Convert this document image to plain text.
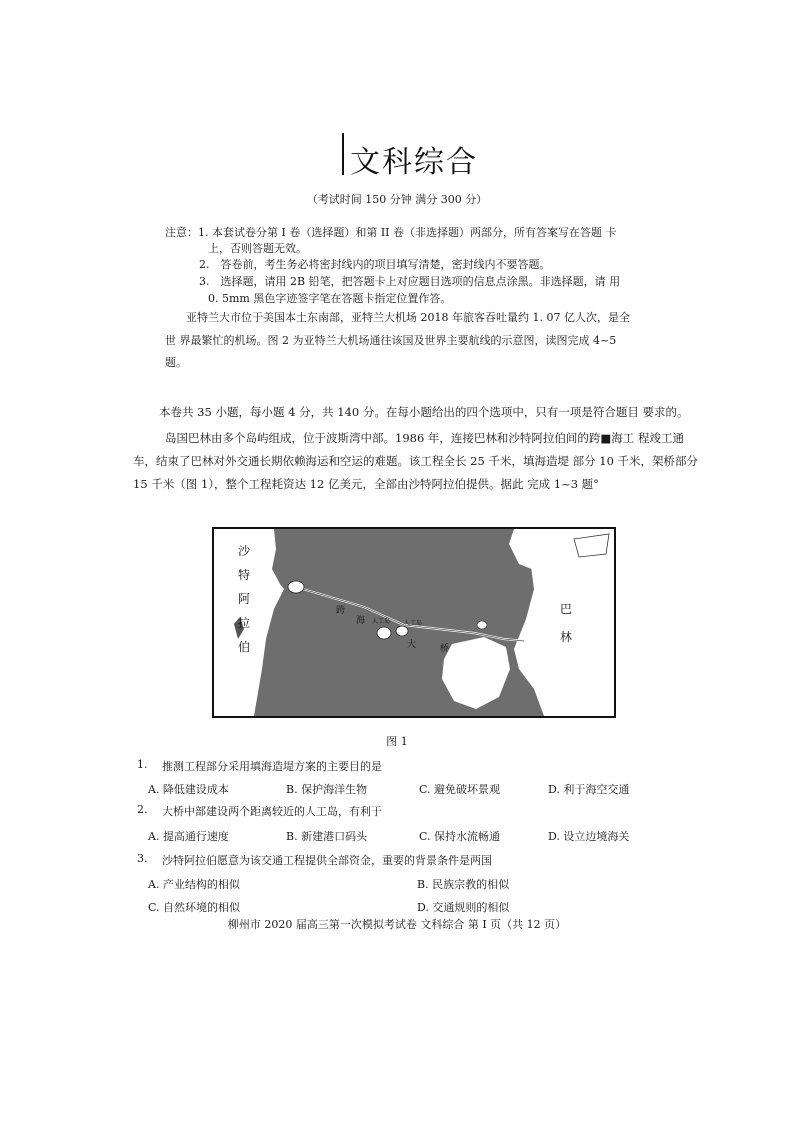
文科综合
（考试时间 150 分钟 满分 300 分）
注意：1. 本套试卷分第 I 卷（选择题）和第 II 卷（非选择题）两部分，所有答案写在答题 卡
上，否则答题无效。
2.　答卷前，考生务必将密封线内的项目填写清楚，密封线内不要答题。
3.　选择题，请用 2B 铅笔，把答题卡上对应题目选项的信息点涂黑。非选择题，请 用
0. 5mm 黑色字迹签字笔在答题卡指定位置作答。
亚特兰大市位于美国本土东南部，亚特兰大机场 2018 年旅客吞吐量约 1. 07 亿人次，是全
世 界最繁忙的机场。图 2 为亚特兰大机场通往该国及世界主要航线的示意图，读图完成 4~5
题。
本卷共 35 小题，每小题 4 分，共 140 分。在每小题给出的四个选项中，只有一项是符合题目 要求的。
岛国巴林由多个岛屿组成，位于波斯湾中部。1986 年，连接巴林和沙特阿拉伯间的跨■海工 程竣工通
车，结束了巴林对外交通长期依赖海运和空运的难题。该工程全长 25 千米，填海造堤 部分 10 千米，架桥部分
15 千米（图 1），整个工程耗资达 12 亿美元，全部由沙特阿拉伯提供。据此 完成 1~3 题°
沙
特
阿
拉
伯
巴
林
跨
海
大	桥
人工岛 人工岛
图 1
1. 推测工程部分采用填海造堤方案的主要目的是
A. 降低建设成本	B. 保护海洋生物	C. 避免破坏景观	D. 利于海空交通
2. 大桥中部建设两个距离较近的人工岛，有利于
A. 提高通行速度	B. 新建港口码头	C. 保持水流畅通	D. 设立边境海关
3. 沙特阿拉伯愿意为该交通工程提供全部资金，重要的背景条件是两国
A. 产业结构的相似	B. 民族宗教的相似
C. 自然环境的相似	D. 交通规则的相似
柳州市 2020 届高三第一次模拟考试卷 文科综合 第 I 页（共 12 页）
